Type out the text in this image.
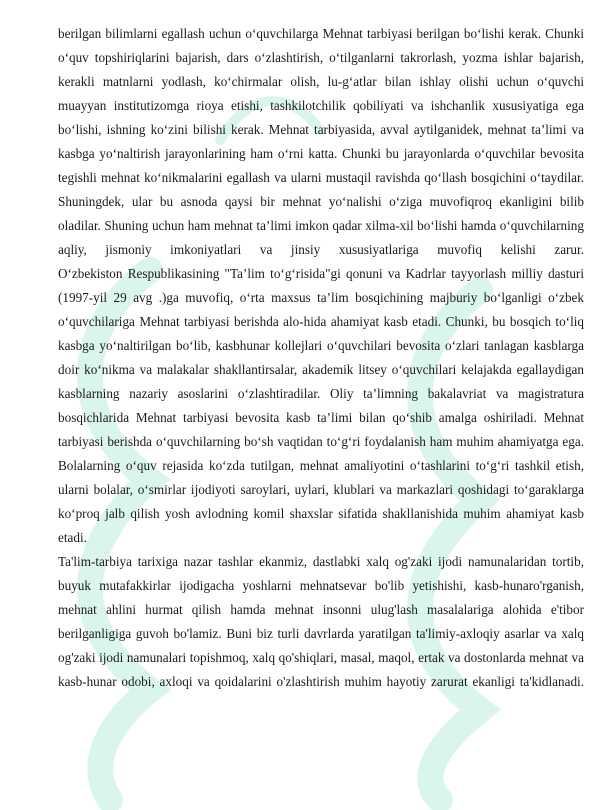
berilgan bilimlarni egallash uchun oʻquvchilarga Mehnat tarbiyasi berilgan boʻlishi kerak. Chunki oʻquv topshiriqlarini bajarish, dars oʻzlashtirish, oʻtilganlarni takrorlash, yozma ishlar bajarish, kerakli matnlarni yodlash, koʻchirmalar olish, lu-gʻatlar bilan ishlay olishi uchun oʻquvchi muayyan institutizomga rioya etishi, tashkilotchilik qobiliyati va ishchanlik xususiyatiga ega boʻlishi, ishning koʻzini bilishi kerak. Mehnat tarbiyasida, avval aytilganidek, mehnat taʼlimi va kasbga yoʻnaltirish jarayonlarining ham oʻrni katta. Chunki bu jarayonlarda oʻquvchilar bevosita tegishli mehnat koʻnikmalarini egallash va ularni mustaqil ravishda qoʻllash bosqichini oʻtaydilar. Shuningdek, ular bu asnoda qaysi bir mehnat yoʻnalishi oʻziga muvofiqroq ekanligini bilib oladilar. Shuning uchun ham mehnat taʼlimi imkon qadar xilma-xil boʻlishi hamda oʻquvchilarning aqliy, jismoniy imkoniyatlari va jinsiy xususiyatlariga muvofiq kelishi zarur.

Oʻzbekiston Respublikasining "Taʼlim toʻgʻrisida"gi qonuni va Kadrlar tayyorlash milliy dasturi (1997-yil 29 avg .)ga muvofiq, oʻrta maxsus taʼlim bosqichining majburiy boʻlganligi oʻzbek oʻquvchilariga Mehnat tarbiyasi berishda alo-hida ahamiyat kasb etadi. Chunki, bu bosqich toʻliq kasbga yoʻnaltirilgan boʻlib, kasbhunar kollejlari oʻquvchilari bevosita oʻzlari tanlagan kasblarga doir koʻnikma va malakalar shakllantirsalar, akademik litsey oʻquvchilari kelajakda egallaydigan kasblarning nazariy asoslarini oʻzlashtiradilar. Oliy taʼlimning bakalavriat va magistratura bosqichlarida Mehnat tarbiyasi bevosita kasb taʼlimi bilan qoʻshib amalga oshiriladi. Mehnat tarbiyasi berishda oʻquvchilarning boʻsh vaqtidan toʻgʻri foydalanish ham muhim ahamiyatga ega. Bolalarning oʻquv rejasida koʻzda tutilgan, mehnat amaliyotini oʻtashlarini toʻgʻri tashkil etish, ularni bolalar, oʻsmirlar ijodiyoti saroylari, uylari, klublari va markazlari qoshidagi toʻgaraklarga koʻproq jalb qilish yosh avlodning komil shaxslar sifatida shakllanishida muhim ahamiyat kasb etadi.

Ta'lim-tarbiya tarixiga nazar tashlar ekanmiz, dastlabki xalq og'zaki ijodi namunalaridan tortib, buyuk mutafakkirlar ijodigacha yoshlarni mehnatsevar bo'lib yetishishi, kasb-hunaro'rganish, mehnat ahlini hurmat qilish hamda mehnat insonni ulug'lash masalalariga alohida e'tibor berilganligiga guvoh bo'lamiz. Buni biz turli davrlarda yaratilgan ta'limiy-axloqiy asarlar va xalq og'zaki ijodi namunalari topishmoq, xalq qo'shiqlari, masal, maqol, ertak va dostonlarda mehnat va kasb-hunar odobi, axloqi va qoidalarini o'zlashtirish muhim hayotiy zarurat ekanligi ta'kidlanadi.
